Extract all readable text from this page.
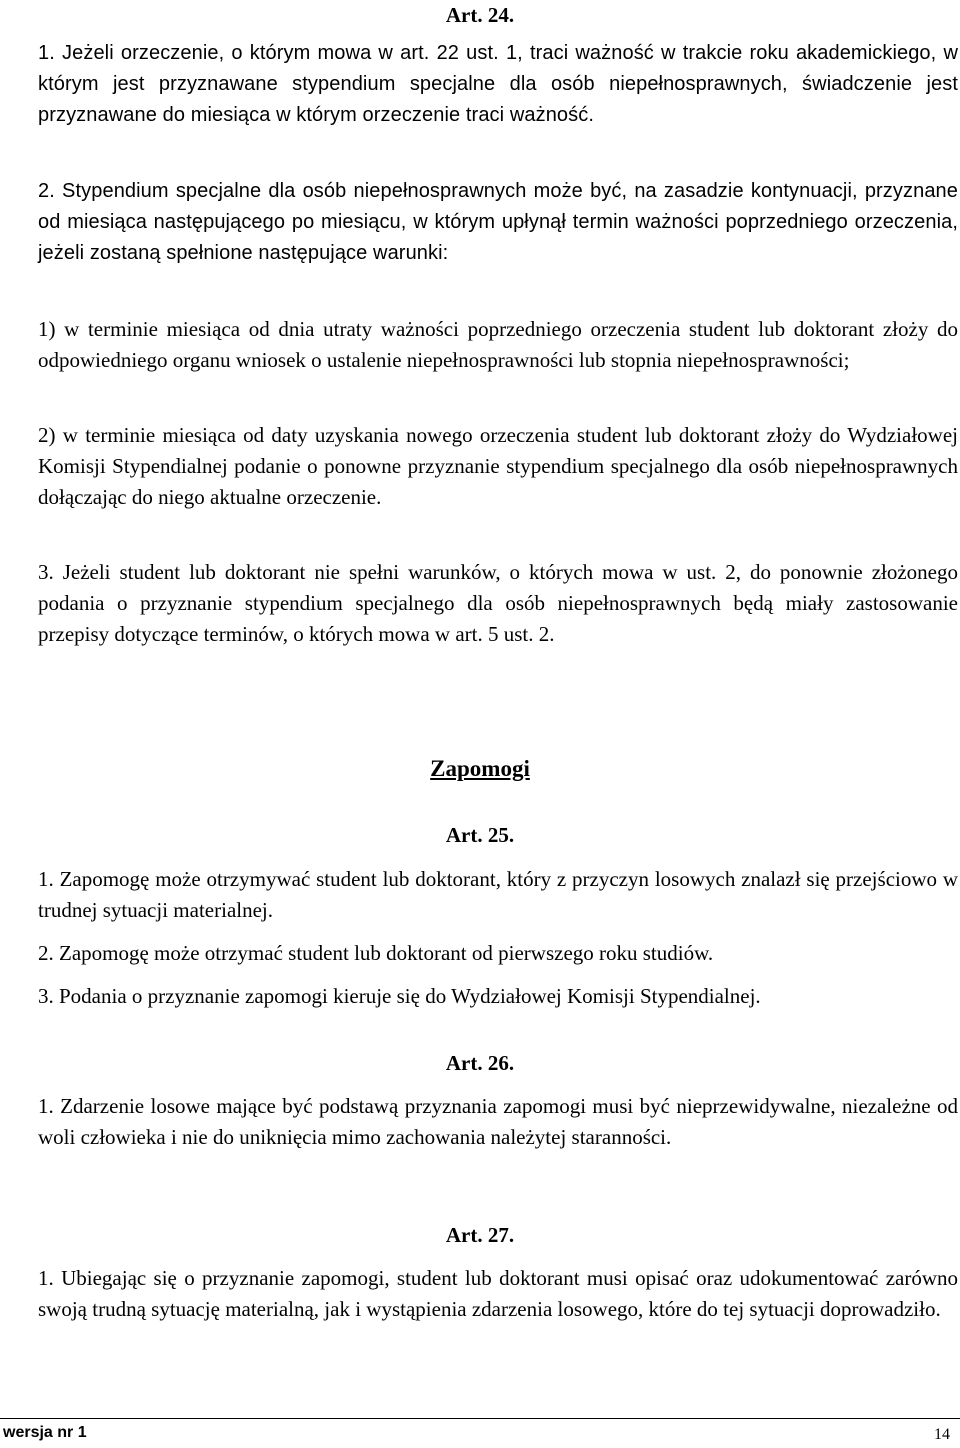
Art. 24.
1. Jeżeli orzeczenie, o którym mowa w art. 22 ust. 1, traci ważność w trakcie roku akademickiego, w którym jest przyznawane stypendium specjalne dla osób niepełnosprawnych, świadczenie jest przyznawane do miesiąca w którym orzeczenie traci ważność.
2. Stypendium specjalne dla osób niepełnosprawnych może być, na zasadzie kontynuacji, przyznane od miesiąca następującego po miesiącu, w którym upłynął termin ważności poprzedniego orzeczenia, jeżeli zostaną spełnione następujące warunki:
1) w terminie miesiąca od dnia utraty ważności poprzedniego orzeczenia student lub doktorant złoży do odpowiedniego organu wniosek o ustalenie niepełnosprawności lub stopnia niepełnosprawności;
2) w terminie miesiąca od daty uzyskania nowego orzeczenia student lub doktorant złoży do Wydziałowej Komisji Stypendialnej podanie o ponowne przyznanie stypendium specjalnego dla osób niepełnosprawnych dołączając do niego aktualne orzeczenie.
3. Jeżeli student lub doktorant nie spełni warunków, o których mowa w ust. 2, do ponownie złożonego podania o przyznanie stypendium specjalnego dla osób niepełnosprawnych będą miały zastosowanie przepisy dotyczące terminów, o których mowa w art. 5 ust. 2.
Zapomogi
Art. 25.
1. Zapomogę może otrzymywać student lub doktorant, który z przyczyn losowych znalazł się przejściowo w trudnej sytuacji materialnej.
2. Zapomogę może otrzymać student lub doktorant od pierwszego roku studiów.
3. Podania o przyznanie zapomogi kieruje się do Wydziałowej Komisji Stypendialnej.
Art. 26.
1. Zdarzenie losowe mające być podstawą przyznania zapomogi musi być nieprzewidywalne, niezależne od woli człowieka i nie do uniknięcia mimo zachowania należytej staranności.
Art. 27.
1. Ubiegając się o przyznanie zapomogi, student lub doktorant musi opisać oraz udokumentować zarówno swoją trudną sytuację materialną, jak i wystąpienia zdarzenia losowego, które do tej sytuacji doprowadziło.
wersja nr 1	14
